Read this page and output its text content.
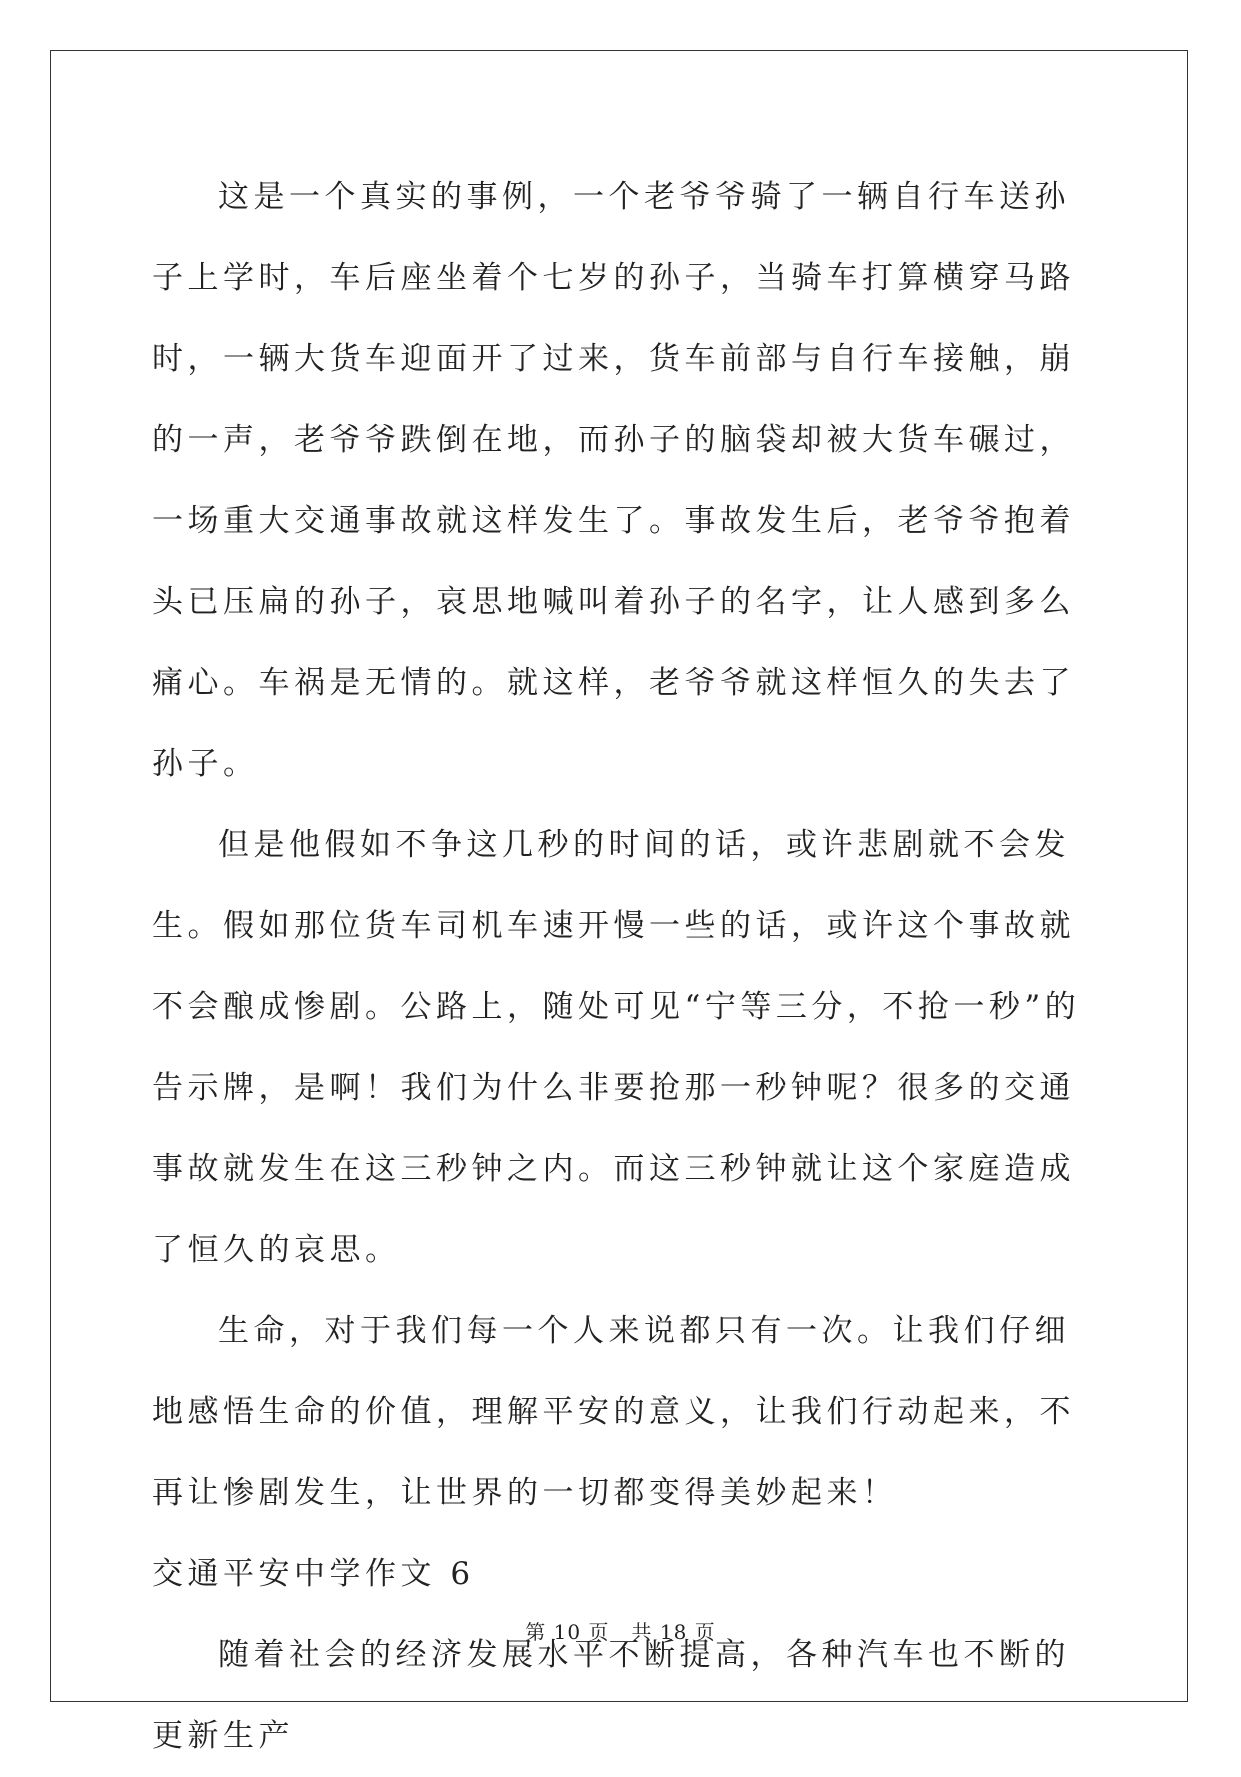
这是一个真实的事例，一个老爷爷骑了一辆自行车送孙子上学时，车后座坐着个七岁的孙子，当骑车打算横穿马路时，一辆大货车迎面开了过来，货车前部与自行车接触，崩的一声，老爷爷跌倒在地，而孙子的脑袋却被大货车碾过，一场重大交通事故就这样发生了。事故发生后，老爷爷抱着头已压扁的孙子，哀思地喊叫着孙子的名字，让人感到多么痛心。车祸是无情的。就这样，老爷爷就这样恒久的失去了孙子。

但是他假如不争这几秒的时间的话，或许悲剧就不会发生。假如那位货车司机车速开慢一些的话，或许这个事故就不会酿成惨剧。公路上，随处可见“宁等三分，不抢一秒”的告示牌，是啊！我们为什么非要抢那一秒钟呢？很多的交通事故就发生在这三秒钟之内。而这三秒钟就让这个家庭造成了恒久的哀思。

生命，对于我们每一个人来说都只有一次。让我们仔细地感悟生命的价值，理解平安的意义，让我们行动起来，不再让惨剧发生，让世界的一切都变得美妙起来！

交通平安中学作文 6

随着社会的经济发展水平不断提高，各种汽车也不断的更新生产

第 10 页 共 18 页
